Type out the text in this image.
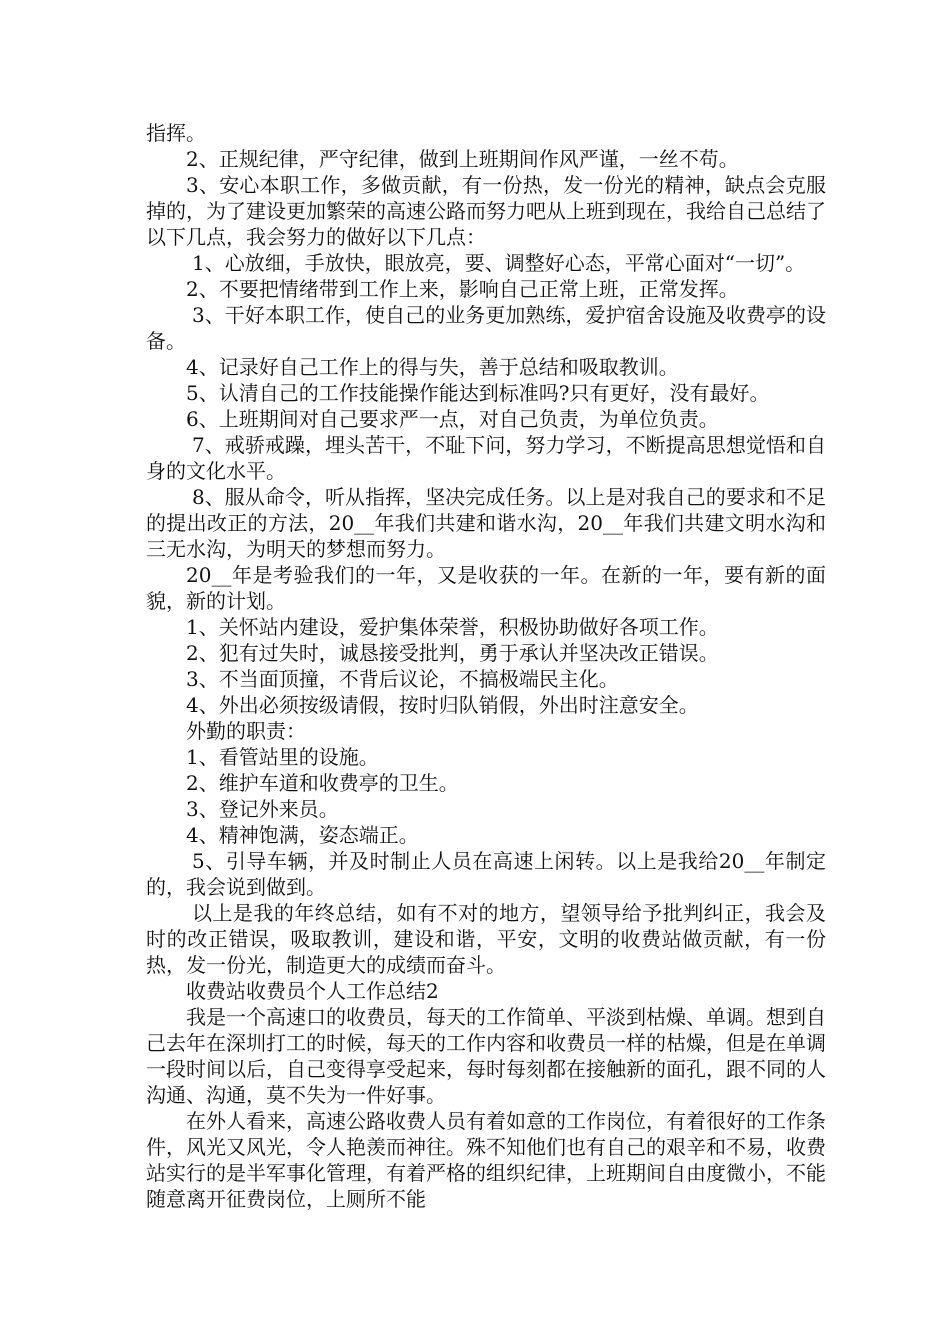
指挥。

2、正规纪律，严守纪律，做到上班期间作风严谨，一丝不苟。

3、安心本职工作，多做贡献，有一份热，发一份光的精神，缺点会克服掉的，为了建设更加繁荣的高速公路而努力吧从上班到现在，我给自己总结了以下几点，我会努力的做好以下几点：

1、心放细，手放快，眼放亮，要、调整好心态，平常心面对“一切”。

2、不要把情绪带到工作上来，影响自己正常上班，正常发挥。

3、干好本职工作，使自己的业务更加熟练，爱护宿舍设施及收费亭的设备。

4、记录好自己工作上的得与失，善于总结和吸取教训。

5、认清自己的工作技能操作能达到标准吗?只有更好，没有最好。

6、上班期间对自己要求严一点，对自己负责，为单位负责。

7、戒骄戒躁，埋头苦干，不耻下问，努力学习，不断提高思想觉悟和自身的文化水平。

8、服从命令，听从指挥，坚决完成任务。以上是对我自己的要求和不足的提出改正的方法，20__年我们共建和谐水沟，20__年我们共建文明水沟和三无水沟，为明天的梦想而努力。

20__年是考验我们的一年，又是收获的一年。在新的一年，要有新的面貌，新的计划。

1、关怀站内建设，爱护集体荣誉，积极协助做好各项工作。

2、犯有过失时，诚恳接受批判，勇于承认并坚决改正错误。

3、不当面顶撞，不背后议论，不搞极端民主化。

4、外出必须按级请假，按时归队销假，外出时注意安全。

外勤的职责：

1、看管站里的设施。

2、维护车道和收费亭的卫生。

3、登记外来员。

4、精神饱满，姿态端正。

5、引导车辆，并及时制止人员在高速上闲转。以上是我给20__年制定的，我会说到做到。

以上是我的年终总结，如有不对的地方，望领导给予批判纠正，我会及时的改正错误，吸取教训，建设和谐，平安，文明的收费站做贡献，有一份热，发一份光，制造更大的成绩而奋斗。

收费站收费员个人工作总结2

我是一个高速口的收费员，每天的工作简单、平淡到枯燥、单调。想到自己去年在深圳打工的时候，每天的工作内容和收费员一样的枯燥，但是在单调一段时间以后，自己变得享受起来，每时每刻都在接触新的面孔，跟不同的人沟通、沟通，莫不失为一件好事。

在外人看来，高速公路收费人员有着如意的工作岗位，有着很好的工作条件，风光又风光，令人艳羡而神往。殊不知他们也有自己的艰辛和不易，收费站实行的是半军事化管理，有着严格的组织纪律，上班期间自由度微小，不能随意离开征费岗位，上厕所不能
